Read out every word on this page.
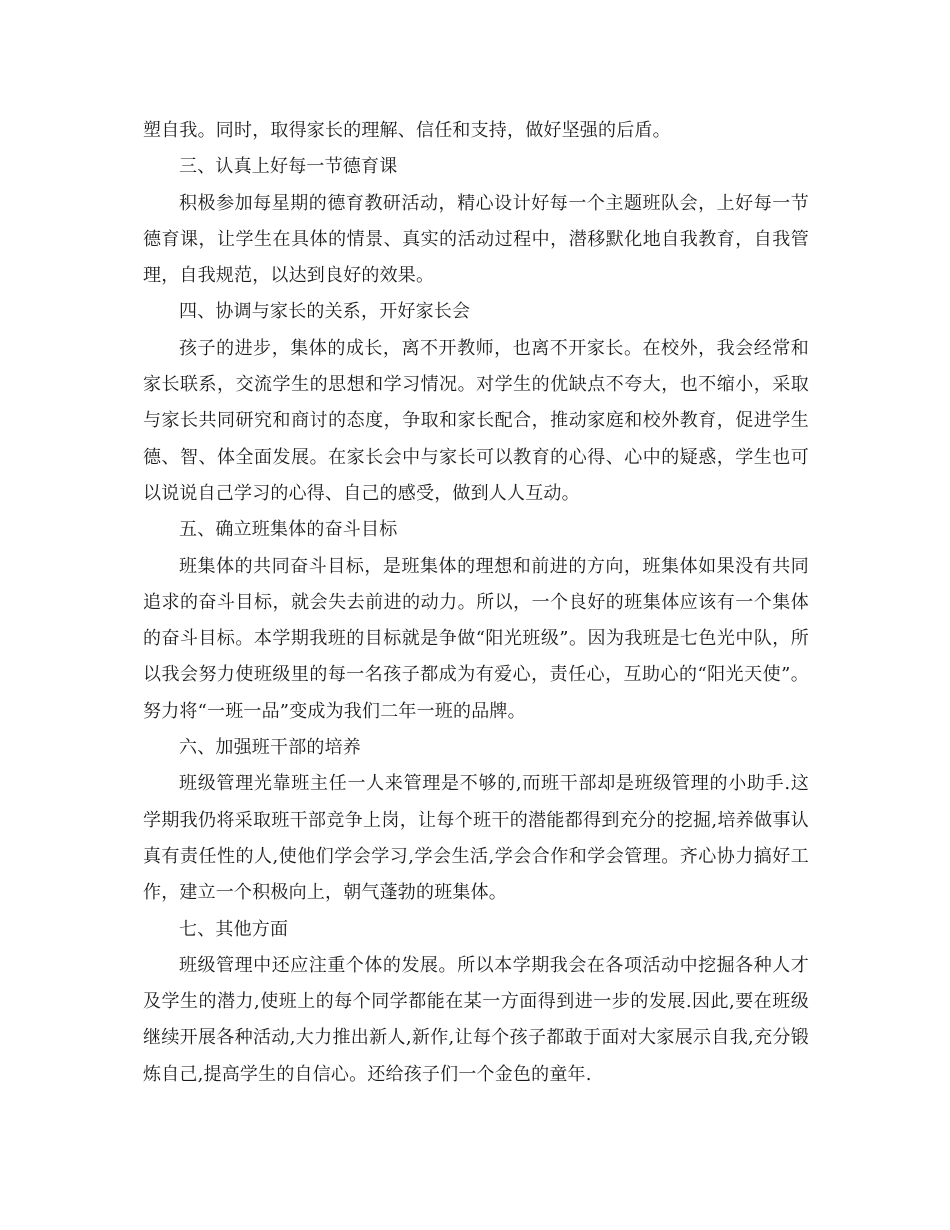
塑自我。同时，取得家长的理解、信任和支持，做好坚强的后盾。

三、认真上好每一节德育课

积极参加每星期的德育教研活动，精心设计好每一个主题班队会，上好每一节德育课，让学生在具体的情景、真实的活动过程中，潜移默化地自我教育，自我管理，自我规范，以达到良好的效果。

四、协调与家长的关系，开好家长会

孩子的进步，集体的成长，离不开教师，也离不开家长。在校外，我会经常和家长联系，交流学生的思想和学习情况。对学生的优缺点不夸大，也不缩小，采取与家长共同研究和商讨的态度，争取和家长配合，推动家庭和校外教育，促进学生德、智、体全面发展。在家长会中与家长可以教育的心得、心中的疑惑，学生也可以说说自己学习的心得、自己的感受，做到人人互动。

五、确立班集体的奋斗目标

班集体的共同奋斗目标，是班集体的理想和前进的方向，班集体如果没有共同追求的奋斗目标，就会失去前进的动力。所以，一个良好的班集体应该有一个集体的奋斗目标。本学期我班的目标就是争做“阳光班级”。因为我班是七色光中队，所以我会努力使班级里的每一名孩子都成为有爱心，责任心，互助心的“阳光天使”。努力将“一班一品”变成为我们二年一班的品牌。

六、加强班干部的培养

班级管理光靠班主任一人来管理是不够的,而班干部却是班级管理的小助手.这学期我仍将采取班干部竞争上岗，让每个班干的潜能都得到充分的挖掘,培养做事认真有责任性的人,使他们学会学习,学会生活,学会合作和学会管理。齐心协力搞好工作，建立一个积极向上，朝气蓬勃的班集体。

七、其他方面

班级管理中还应注重个体的发展。所以本学期我会在各项活动中挖掘各种人才及学生的潜力,使班上的每个同学都能在某一方面得到进一步的发展.因此,要在班级继续开展各种活动,大力推出新人,新作,让每个孩子都敢于面对大家展示自我,充分锻炼自己,提高学生的自信心。还给孩子们一个金色的童年.
